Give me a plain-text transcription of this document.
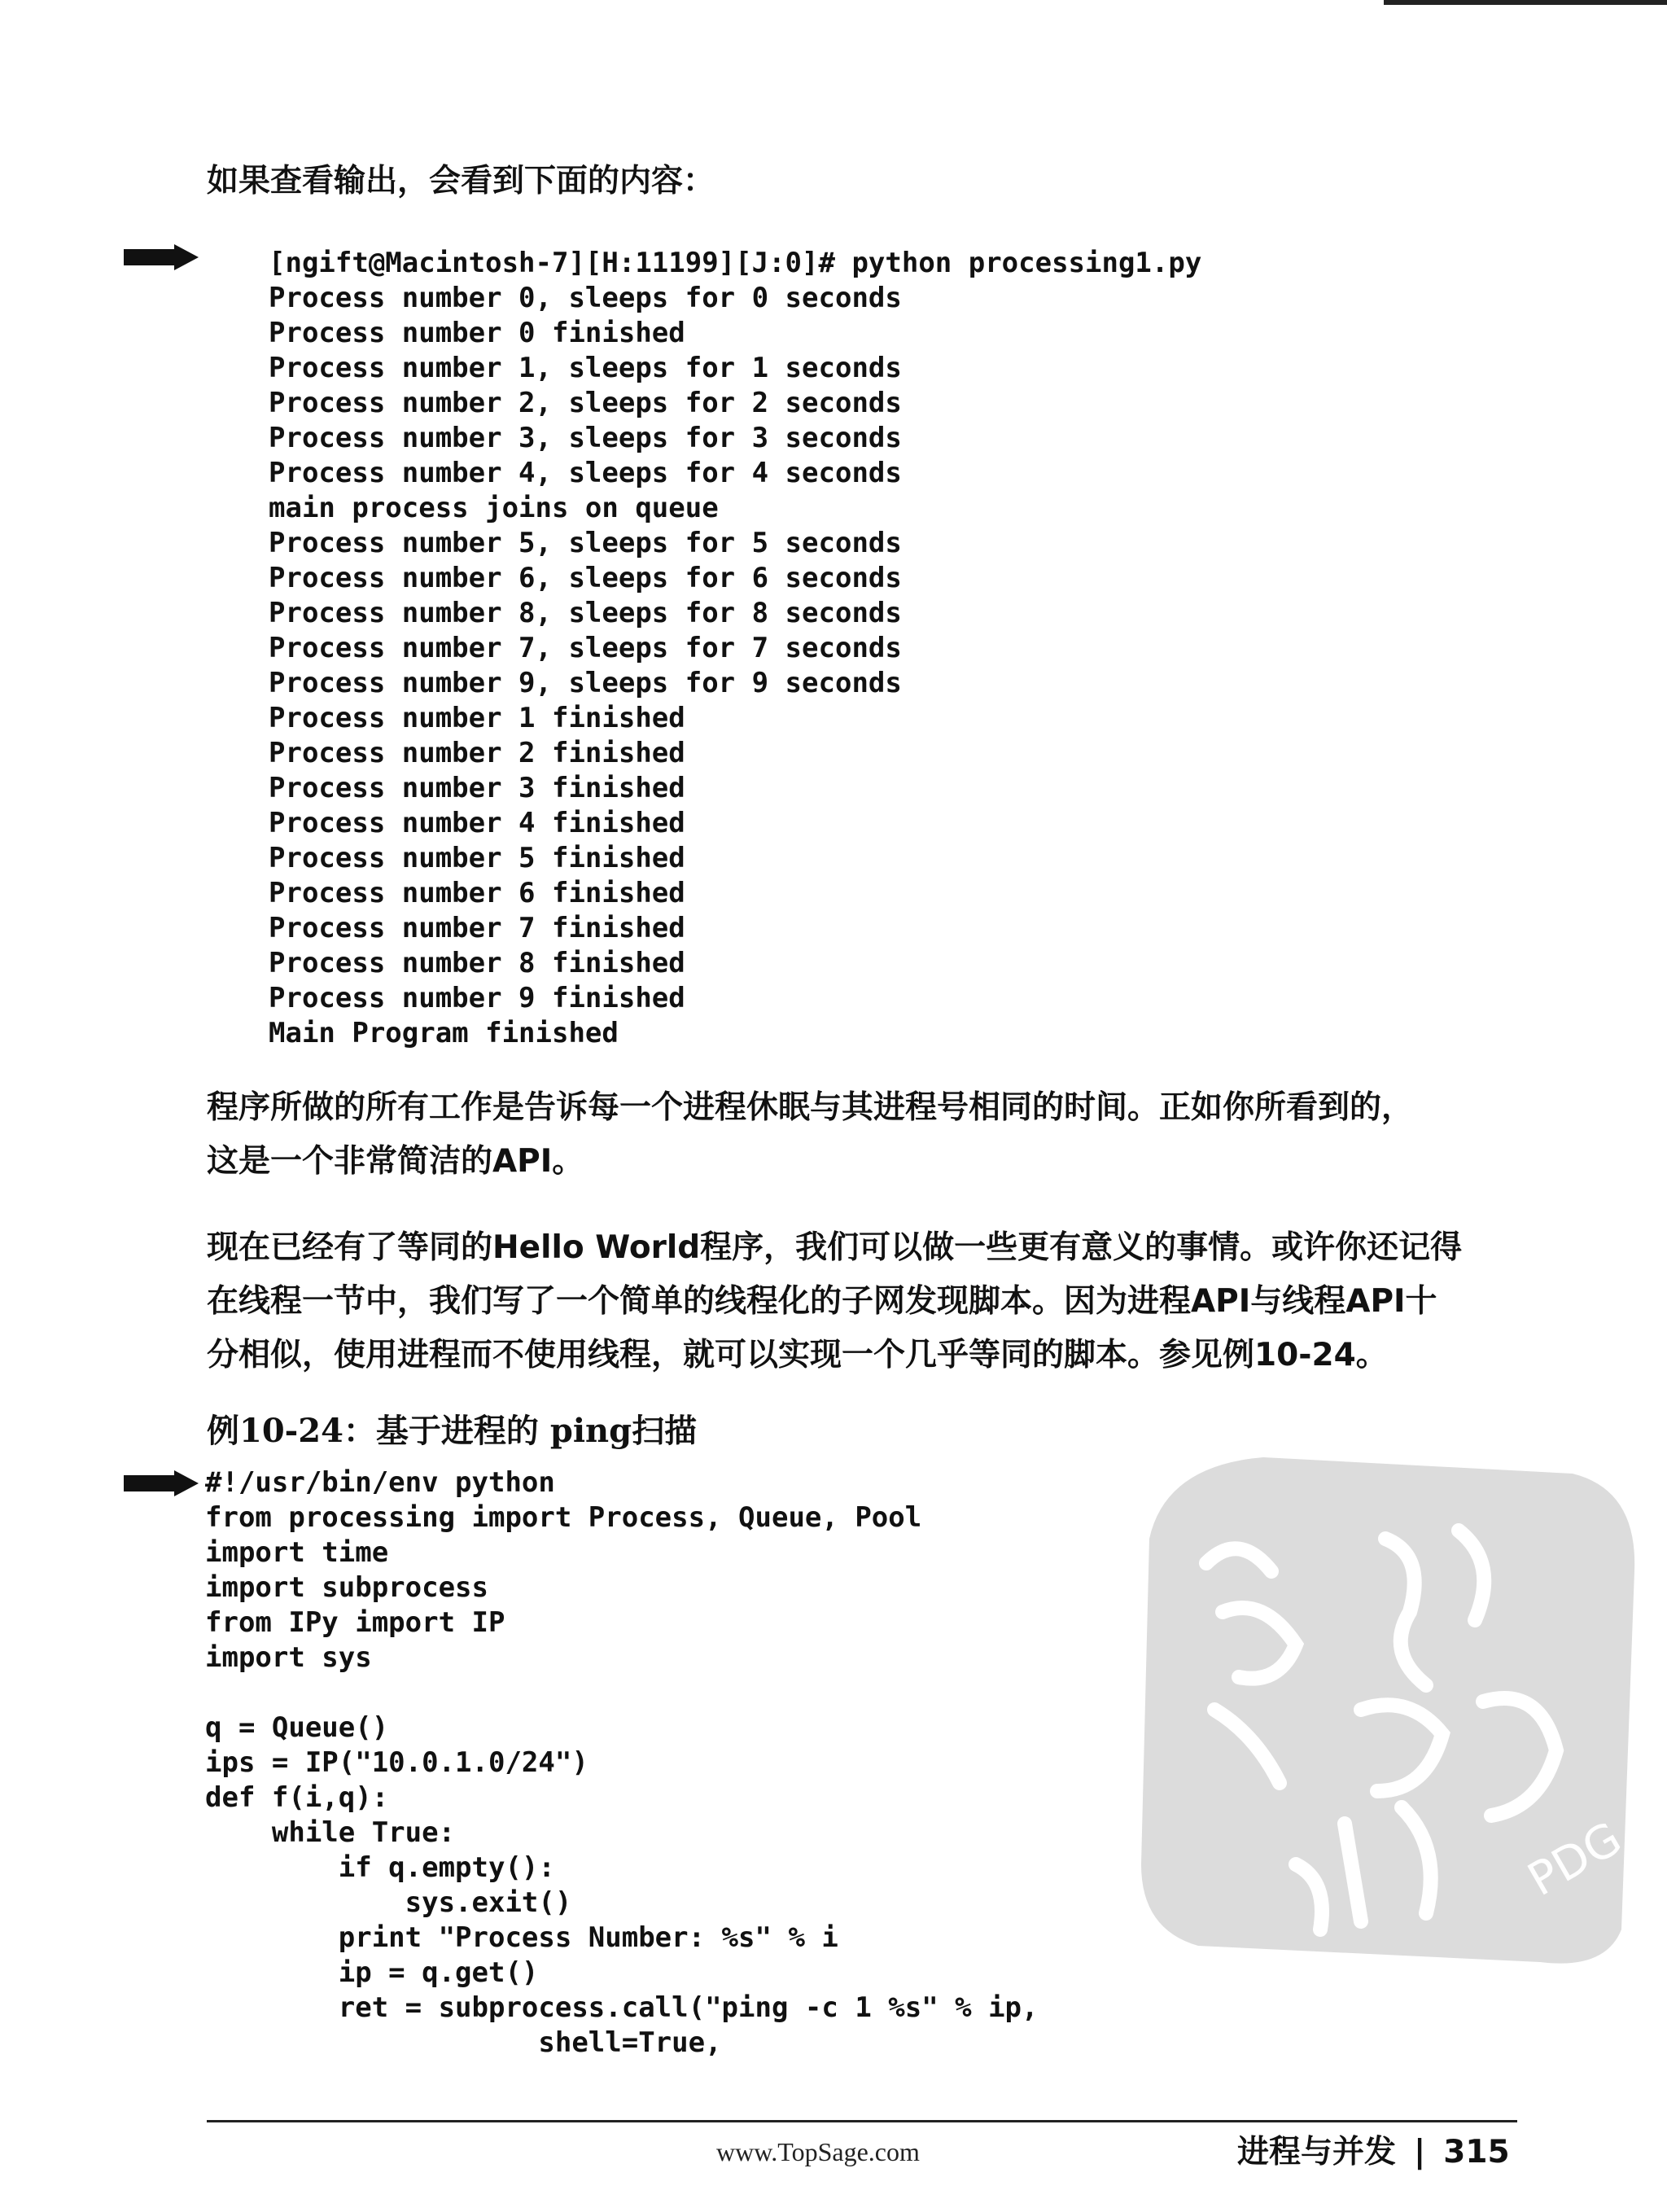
如果查看输出，会看到下面的内容：
[ngift@Macintosh-7][H:11199][J:0]# python processing1.py
Process number 0, sleeps for 0 seconds
Process number 0 finished
Process number 1, sleeps for 1 seconds
Process number 2, sleeps for 2 seconds
Process number 3, sleeps for 3 seconds
Process number 4, sleeps for 4 seconds
main process joins on queue
Process number 5, sleeps for 5 seconds
Process number 6, sleeps for 6 seconds
Process number 8, sleeps for 8 seconds
Process number 7, sleeps for 7 seconds
Process number 9, sleeps for 9 seconds
Process number 1 finished
Process number 2 finished
Process number 3 finished
Process number 4 finished
Process number 5 finished
Process number 6 finished
Process number 7 finished
Process number 8 finished
Process number 9 finished
Main Program finished

程序所做的所有工作是告诉每一个进程休眠与其进程号相同的时间。正如你所看到的，

这是一个非常简洁的API。

现在已经有了等同的Hello World程序，我们可以做一些更有意义的事情。或许你还记得

在线程一节中，我们写了一个简单的线程化的子网发现脚本。因为进程API与线程API十

分相似，使用进程而不使用线程，就可以实现一个几乎等同的脚本。参见例10-24。

例10-24：基于进程的 ping扫描
#!/usr/bin/env python
from processing import Process, Queue, Pool
import time
import subprocess
from IPy import IP
import sys
q = Queue()
ips = IP("10.0.1.0/24")
def f(i,q):
while True:
if q.empty():
sys.exit()
print "Process Number: %s" % i
ip = q.get()
ret = subprocess.call("ping -c 1 %s" % ip,
shell=True,
PDG
www.TopSage.com	进程与并发 | 315
